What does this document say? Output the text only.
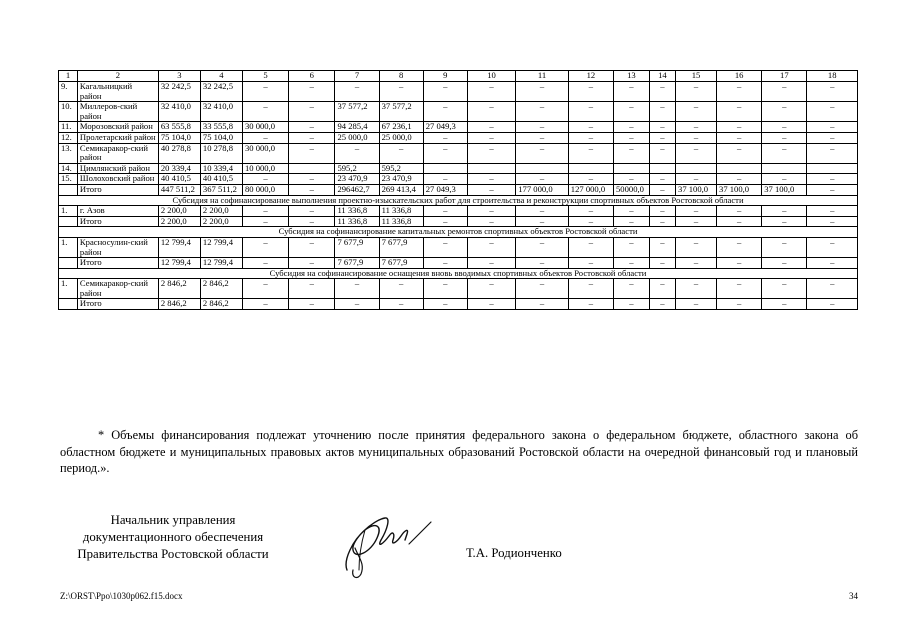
1	2	3	4	5	6	7	8	9	10	11	12	13	14	15	16	17	18
9.	Кагальницкий район	32 242,5	32 242,5	–	–	–	–	–	–	–	–	–	–	–	–	–	–
10.	Миллеров-ский район	32 410,0	32 410,0	–	–	37 577,2	37 577,2	–	–	–	–	–	–	–	–	–	–
11.	Морозовский район	63 555,8	33 555,8	30 000,0	–	94 285,4	67 236,1	27 049,3	–	–	–	–	–	–	–	–	–
12.	Пролетарский район	75 104,0	75 104,0	–	–	25 000,0	25 000,0	–	–	–	–	–	–	–	–	–	–
13.	Семикаракор-ский район	40 278,8	10 278,8	30 000,0	–	–	–	–	–	–	–	–	–	–	–	–	–
14.	Цимлянский район	20 339,4	10 339,4	10 000,0		595,2	595,2										
15.	Шолоховский район	40 410,5	40 410,5	–	–	23 470,9	23 470,9	–	–	–	–	–	–	–	–	–	–
	Итого	447 511,2	367 511,2	80 000,0	–	296462,7	269 413,4	27 049,3	–	177 000,0	127 000,0	50000,0	–	37 100,0	37 100,0	37 100,0	–
Субсидия на софинансирование выполнения проектно-изыскательских работ для строительства и реконструкции спортивных объектов Ростовской области																	
1.	г. Азов	2 200,0	2 200,0	–	–	11 336,8	11 336,8	–	–	–	–	–	–	–	–	–	–
	Итого	2 200,0	2 200,0	–	–	11 336,8	11 336,8	–	–	–	–	–	–	–	–	–	–
Субсидия на софинансирование капитальных ремонтов спортивных объектов Ростовской области																	
1.	Красносулин-ский район	12 799,4	12 799,4	–	–	7 677,9	7 677,9	–	–	–	–	–	–	–	–	–	–
	Итого	12 799,4	12 799,4	–	–	7 677,9	7 677,9	–	–	–	–	–	–	–	–	–	–
Субсидия на софинансирование оснащения вновь вводимых спортивных объектов Ростовской области																	
1.	Семикаракор-ский район	2 846,2	2 846,2	–	–	–	–	–	–	–	–	–	–	–	–	–	–
	Итого	2 846,2	2 846,2	–	–	–	–	–	–	–	–	–	–	–	–	–	–
* Объемы финансирования подлежат уточнению после принятия федерального закона о федеральном бюджете, областного закона об областном бюджете и муниципальных правовых актов муниципальных образований Ростовской области на очередной финансовый год и плановый период.».
Начальник управления
документационного обеспечения
Правительства Ростовской области	Т.А. Родионченко
Z:\ORST\Ppo\1030p062.f15.docx	34
